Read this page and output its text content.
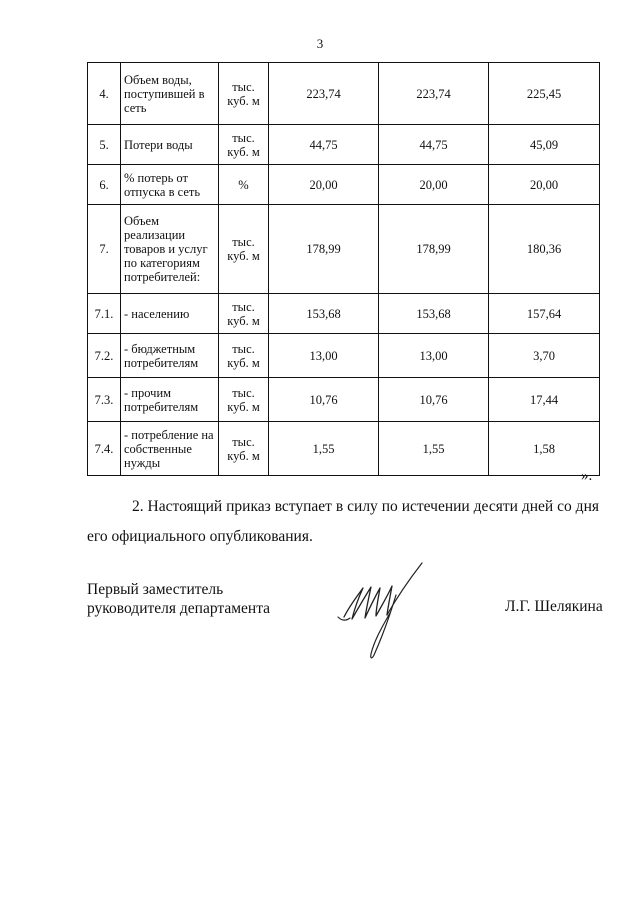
3
4.	Объем воды, поступившей в сеть	тыс. куб. м	223,74	223,74	225,45
5.	Потери воды	тыс. куб. м	44,75	44,75	45,09
6.	% потерь от отпуска в сеть	%	20,00	20,00	20,00
7.	Объем реализации товаров и услуг по категориям потребителей:	тыс. куб. м	178,99	178,99	180,36
7.1.	- населению	тыс. куб. м	153,68	153,68	157,64
7.2.	- бюджетным потребителям	тыс. куб. м	13,00	13,00	3,70
7.3.	- прочим потребителям	тыс. куб. м	10,76	10,76	17,44
7.4.	- потребление на собственные нужды	тыс. куб. м	1,55	1,55	1,58
».

2. Настоящий приказ вступает в силу по истечении десяти дней со дня его официального опубликования.

Первый заместитель
руководителя департамента	Л.Г. Шелякина
